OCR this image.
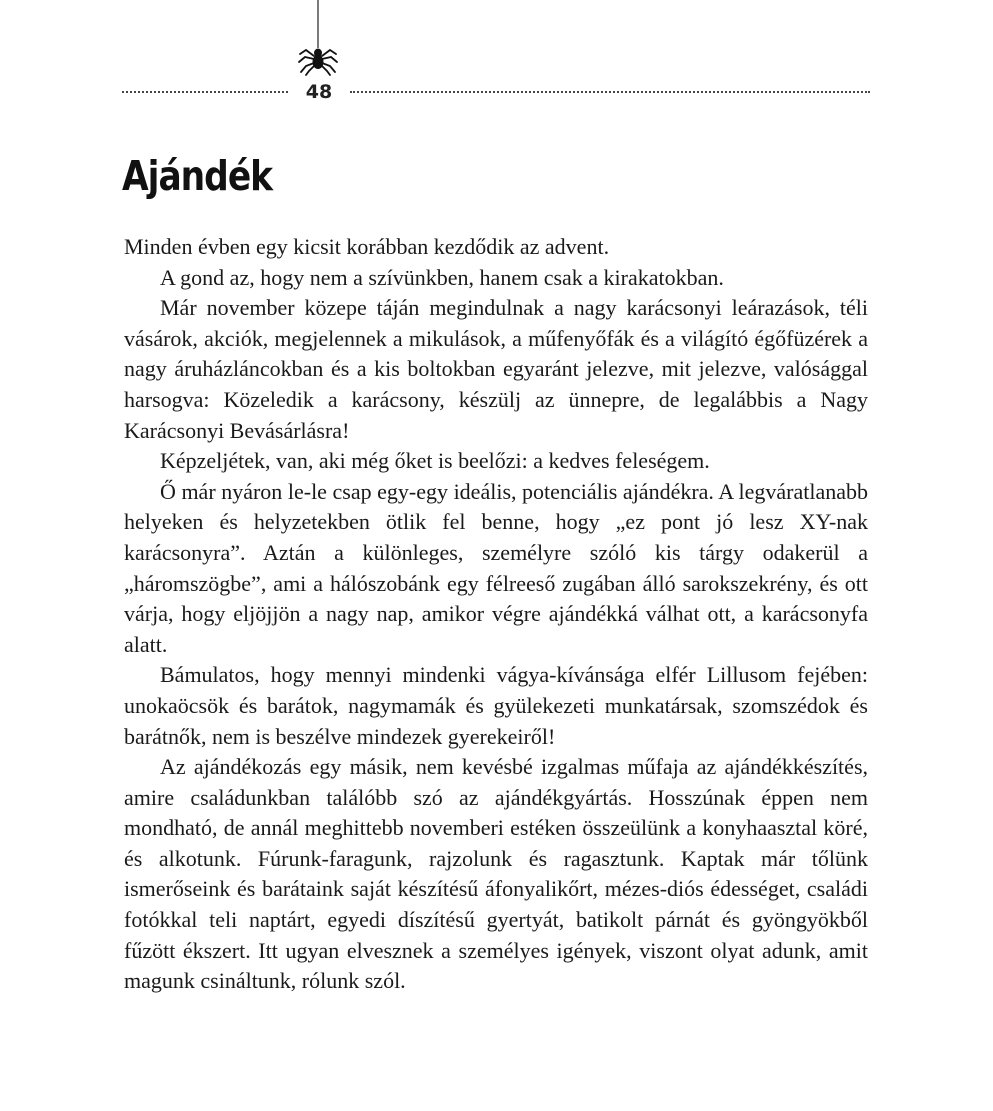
48
Ajándék

Minden évben egy kicsit korábban kezdődik az advent.

A gond az, hogy nem a szívünkben, hanem csak a kirakatokban.

Már november közepe táján megindulnak a nagy karácsonyi leárazások, téli vásárok, akciók, megjelennek a mikulások, a műfenyőfák és a világító égőfüzérek a nagy áruházláncokban és a kis boltokban egyaránt jelezve, mit jelezve, valósággal harsogva: Közeledik a karácsony, készülj az ünnepre, de legalábbis a Nagy Karácsonyi Bevásárlásra!

Képzeljétek, van, aki még őket is beelőzi: a kedves feleségem.

Ő már nyáron le-le csap egy-egy ideális, potenciális ajándékra. A legváratlanabb helyeken és helyzetekben ötlik fel benne, hogy „ez pont jó lesz XY-nak karácsonyra”. Aztán a különleges, személyre szóló kis tárgy odakerül a „háromszögbe”, ami a hálószobánk egy félreeső zugában álló sarokszekrény, és ott várja, hogy eljöjjön a nagy nap, amikor végre ajándékká válhat ott, a karácsonyfa alatt.

Bámulatos, hogy mennyi mindenki vágya-kívánsága elfér Lillusom fejében: unokaöcsök és barátok, nagymamák és gyülekezeti munkatársak, szomszédok és barátnők, nem is beszélve mindezek gyerekeiről!

Az ajándékozás egy másik, nem kevésbé izgalmas műfaja az ajándékkészítés, amire családunkban találóbb szó az ajándékgyártás. Hosszúnak éppen nem mondható, de annál meghittebb novemberi estéken összeülünk a konyhaasztal köré, és alkotunk. Fúrunk-faragunk, rajzolunk és ragasztunk. Kaptak már tőlünk ismerőseink és barátaink saját készítésű áfonyalikőrt, mézes-diós édességet, családi fotókkal teli naptárt, egyedi díszítésű gyertyát, batikolt párnát és gyöngyökből fűzött ékszert. Itt ugyan elvesznek a személyes igények, viszont olyat adunk, amit magunk csináltunk, rólunk szól.
